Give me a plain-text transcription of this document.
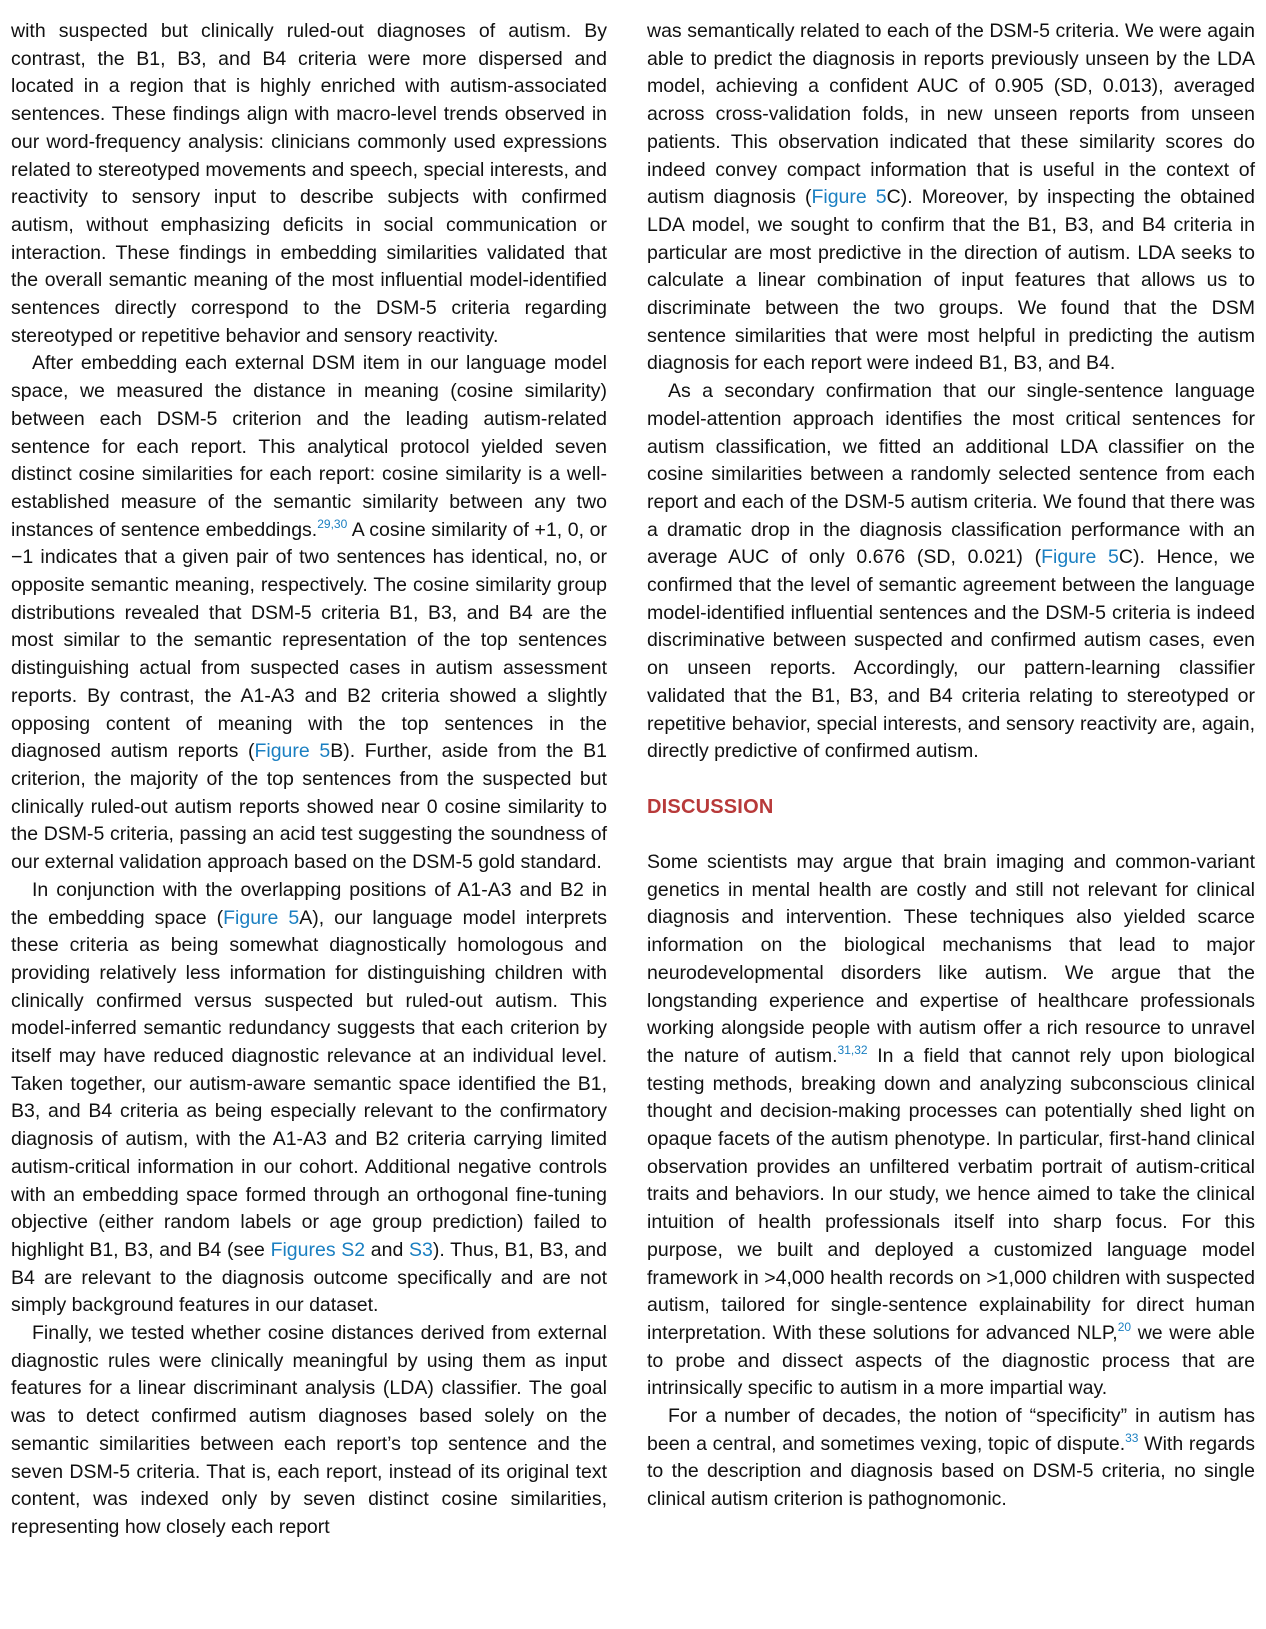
with suspected but clinically ruled-out diagnoses of autism. By contrast, the B1, B3, and B4 criteria were more dispersed and located in a region that is highly enriched with autism-associated sentences. These findings align with macro-level trends observed in our word-frequency analysis: clinicians commonly used expressions related to stereotyped movements and speech, special interests, and reactivity to sensory input to describe subjects with confirmed autism, without emphasizing deficits in social communication or interaction. These findings in embedding similarities validated that the overall semantic meaning of the most influential model-identified sentences directly correspond to the DSM-5 criteria regarding stereotyped or repetitive behavior and sensory reactivity.

After embedding each external DSM item in our language model space, we measured the distance in meaning (cosine similarity) between each DSM-5 criterion and the leading autism-related sentence for each report. This analytical protocol yielded seven distinct cosine similarities for each report: cosine similarity is a well-established measure of the semantic similarity between any two instances of sentence embeddings.$^{29,30}$ A cosine similarity of +1, 0, or −1 indicates that a given pair of two sentences has identical, no, or opposite semantic meaning, respectively. The cosine similarity group distributions revealed that DSM-5 criteria B1, B3, and B4 are the most similar to the semantic representation of the top sentences distinguishing actual from suspected cases in autism assessment reports. By contrast, the A1-A3 and B2 criteria showed a slightly opposing content of meaning with the top sentences in the diagnosed autism reports (Figure 5B). Further, aside from the B1 criterion, the majority of the top sentences from the suspected but clinically ruled-out autism reports showed near 0 cosine similarity to the DSM-5 criteria, passing an acid test suggesting the soundness of our external validation approach based on the DSM-5 gold standard.

In conjunction with the overlapping positions of A1-A3 and B2 in the embedding space (Figure 5A), our language model interprets these criteria as being somewhat diagnostically homologous and providing relatively less information for distinguishing children with clinically confirmed versus suspected but ruled-out autism. This model-inferred semantic redundancy suggests that each criterion by itself may have reduced diagnostic relevance at an individual level. Taken together, our autism-aware semantic space identified the B1, B3, and B4 criteria as being especially relevant to the confirmatory diagnosis of autism, with the A1-A3 and B2 criteria carrying limited autism-critical information in our cohort. Additional negative controls with an embedding space formed through an orthogonal fine-tuning objective (either random labels or age group prediction) failed to highlight B1, B3, and B4 (see Figures S2 and S3). Thus, B1, B3, and B4 are relevant to the diagnosis outcome specifically and are not simply background features in our dataset.

Finally, we tested whether cosine distances derived from external diagnostic rules were clinically meaningful by using them as input features for a linear discriminant analysis (LDA) classifier. The goal was to detect confirmed autism diagnoses based solely on the semantic similarities between each report’s top sentence and the seven DSM-5 criteria. That is, each report, instead of its original text content, was indexed only by seven distinct cosine similarities, representing how closely each report

was semantically related to each of the DSM-5 criteria. We were again able to predict the diagnosis in reports previously unseen by the LDA model, achieving a confident AUC of 0.905 (SD, 0.013), averaged across cross-validation folds, in new unseen reports from unseen patients. This observation indicated that these similarity scores do indeed convey compact information that is useful in the context of autism diagnosis (Figure 5C). Moreover, by inspecting the obtained LDA model, we sought to confirm that the B1, B3, and B4 criteria in particular are most predictive in the direction of autism. LDA seeks to calculate a linear combination of input features that allows us to discriminate between the two groups. We found that the DSM sentence similarities that were most helpful in predicting the autism diagnosis for each report were indeed B1, B3, and B4.

As a secondary confirmation that our single-sentence language model-attention approach identifies the most critical sentences for autism classification, we fitted an additional LDA classifier on the cosine similarities between a randomly selected sentence from each report and each of the DSM-5 autism criteria. We found that there was a dramatic drop in the diagnosis classification performance with an average AUC of only 0.676 (SD, 0.021) (Figure 5C). Hence, we confirmed that the level of semantic agreement between the language model-identified influential sentences and the DSM-5 criteria is indeed discriminative between suspected and confirmed autism cases, even on unseen reports. Accordingly, our pattern-learning classifier validated that the B1, B3, and B4 criteria relating to stereotyped or repetitive behavior, special interests, and sensory reactivity are, again, directly predictive of confirmed autism.

DISCUSSION

Some scientists may argue that brain imaging and common-variant genetics in mental health are costly and still not relevant for clinical diagnosis and intervention. These techniques also yielded scarce information on the biological mechanisms that lead to major neurodevelopmental disorders like autism. We argue that the longstanding experience and expertise of healthcare professionals working alongside people with autism offer a rich resource to unravel the nature of autism.$^{31,32}$ In a field that cannot rely upon biological testing methods, breaking down and analyzing subconscious clinical thought and decision-making processes can potentially shed light on opaque facets of the autism phenotype. In particular, first-hand clinical observation provides an unfiltered verbatim portrait of autism-critical traits and behaviors. In our study, we hence aimed to take the clinical intuition of health professionals itself into sharp focus. For this purpose, we built and deployed a customized language model framework in >4,000 health records on >1,000 children with suspected autism, tailored for single-sentence explainability for direct human interpretation. With these solutions for advanced NLP,$^{20}$ we were able to probe and dissect aspects of the diagnostic process that are intrinsically specific to autism in a more impartial way.

For a number of decades, the notion of “specificity” in autism has been a central, and sometimes vexing, topic of dispute.$^{33}$ With regards to the description and diagnosis based on DSM-5 criteria, no single clinical autism criterion is pathognomonic.
